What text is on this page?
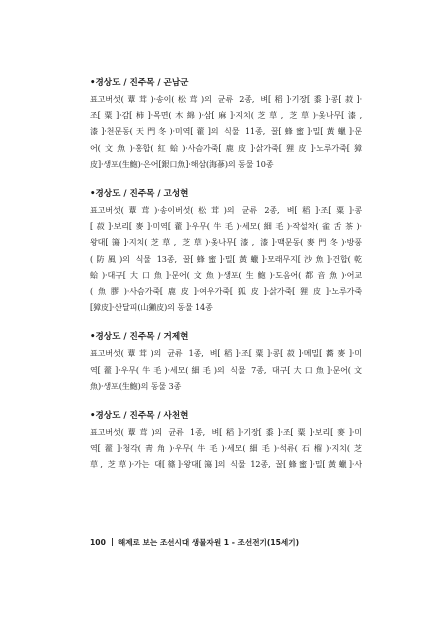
•경상도 / 진주목 / 곤남군
표고버섯(蕈茸)·송이(松茸)의 균류 2종, 벼[稻]·기장[黍]·콩[菽]·
조[粟]·감[柿]·목면(木綿)·삼[麻]·지치(芝草, 芝草)·옻나무[漆,
漆]·천문동(天門冬)·미역[藿]의 식물 11종, 꿀[蜂蜜]·밀[黃蠟]·문
어(文魚)·홍합(紅蛤)·사슴가죽[鹿皮]·삵가죽[狸皮]·노루가죽[獐
皮]·생포(生鮑)·은어[銀口魚]·해삼(海蔘)의 동물 10종
•경상도 / 진주목 / 고성현
표고버섯(蕈茸)·송이버섯(松茸)의 균류 2종, 벼[稻]·조[粟]·콩
[菽]·보리[麥]·미역[藿]·우무(牛毛)·세모(細毛)·작설차(雀舌茶)·
왕대[簜]·지치(芝草, 芝草)·옻나무[漆, 漆]·맥문동(麥門冬)·방풍
(防風)의 식물 13종, 꿀[蜂蜜]·밀[黃蠟]·모래무지[沙魚]·건합(乾
蛤)·대구[大口魚]·문어(文魚)·생포(生鮑)·도음어(都音魚)·어교
(魚膠)·사슴가죽[鹿皮]·여우가죽[狐皮]·삵가죽[狸皮]·노루가죽
[獐皮]·산달피(山獺皮)의 동물 14종
•경상도 / 진주목 / 거제현
표고버섯(蕈茸)의 균류 1종, 벼[稻]·조[粟]·콩[菽]·메밀[蕎麥]·미
역[藿]·우무(牛毛)·세모(細毛)의 식물 7종, 대구[大口魚]·문어(文
魚)·생포(生鮑)의 동물 3종
•경상도 / 진주목 / 사천현
표고버섯(蕈茸)의 균류 1종, 벼[稻]·기장[黍]·조[粟]·보리[麥]·미
역[藿]·청각(靑角)·우무(牛毛)·세모(細毛)·석류(石榴)·지치(芝
草, 芝草)·가는 대[篠]·왕대[簜]의 식물 12종, 꿀[蜂蜜]·밀[黃蠟]·사
100 해제로 보는 조선시대 생물자원 1 - 조선전기(15세기)
